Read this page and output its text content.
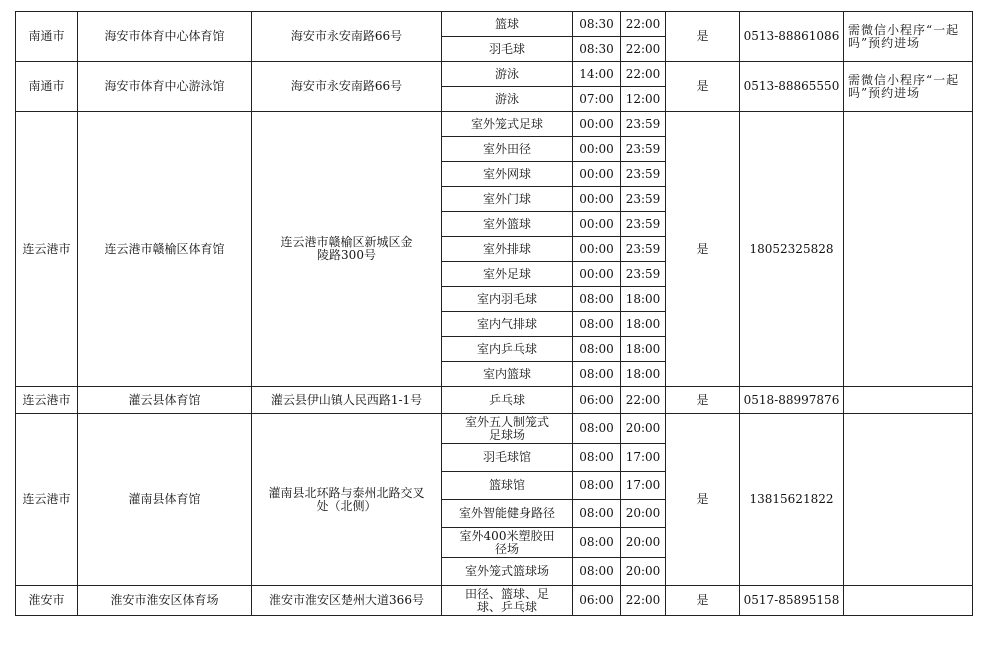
南通市	海安市体育中心体育馆	海安市永安南路66号	篮球	08:30	22:00	是	0513-88861086	需微信小程序“一起吗”预约进场
			羽毛球	08:30	22:00			
南通市	海安市体育中心游泳馆	海安市永安南路66号	游泳	14:00	22:00	是	0513-88865550	需微信小程序“一起吗”预约进场
			游泳	07:00	12:00			
连云港市	连云港市赣榆区体育馆	连云港市赣榆区新城区金陵路300号	室外笼式足球	00:00	23:59	是	18052325828	
			室外田径	00:00	23:59			
			室外网球	00:00	23:59			
			室外门球	00:00	23:59			
			室外篮球	00:00	23:59			
			室外排球	00:00	23:59			
			室外足球	00:00	23:59			
			室内羽毛球	08:00	18:00			
			室内气排球	08:00	18:00			
			室内乒乓球	08:00	18:00			
			室内篮球	08:00	18:00			
连云港市	灌云县体育馆	灌云县伊山镇人民西路1-1号	乒乓球	06:00	22:00	是	0518-88997876	
连云港市	灌南县体育馆	灌南县北环路与泰州北路交叉处（北侧）	室外五人制笼式足球场	08:00	20:00	是	13815621822	
			羽毛球馆	08:00	17:00			
			篮球馆	08:00	17:00			
			室外智能健身路径	08:00	20:00			
			室外400米塑胶田径场	08:00	20:00			
			室外笼式篮球场	08:00	20:00			
淮安市	淮安市淮安区体育场	淮安市淮安区楚州大道366号	田径、篮球、足球、乒乓球	06:00	22:00	是	0517-85895158	
